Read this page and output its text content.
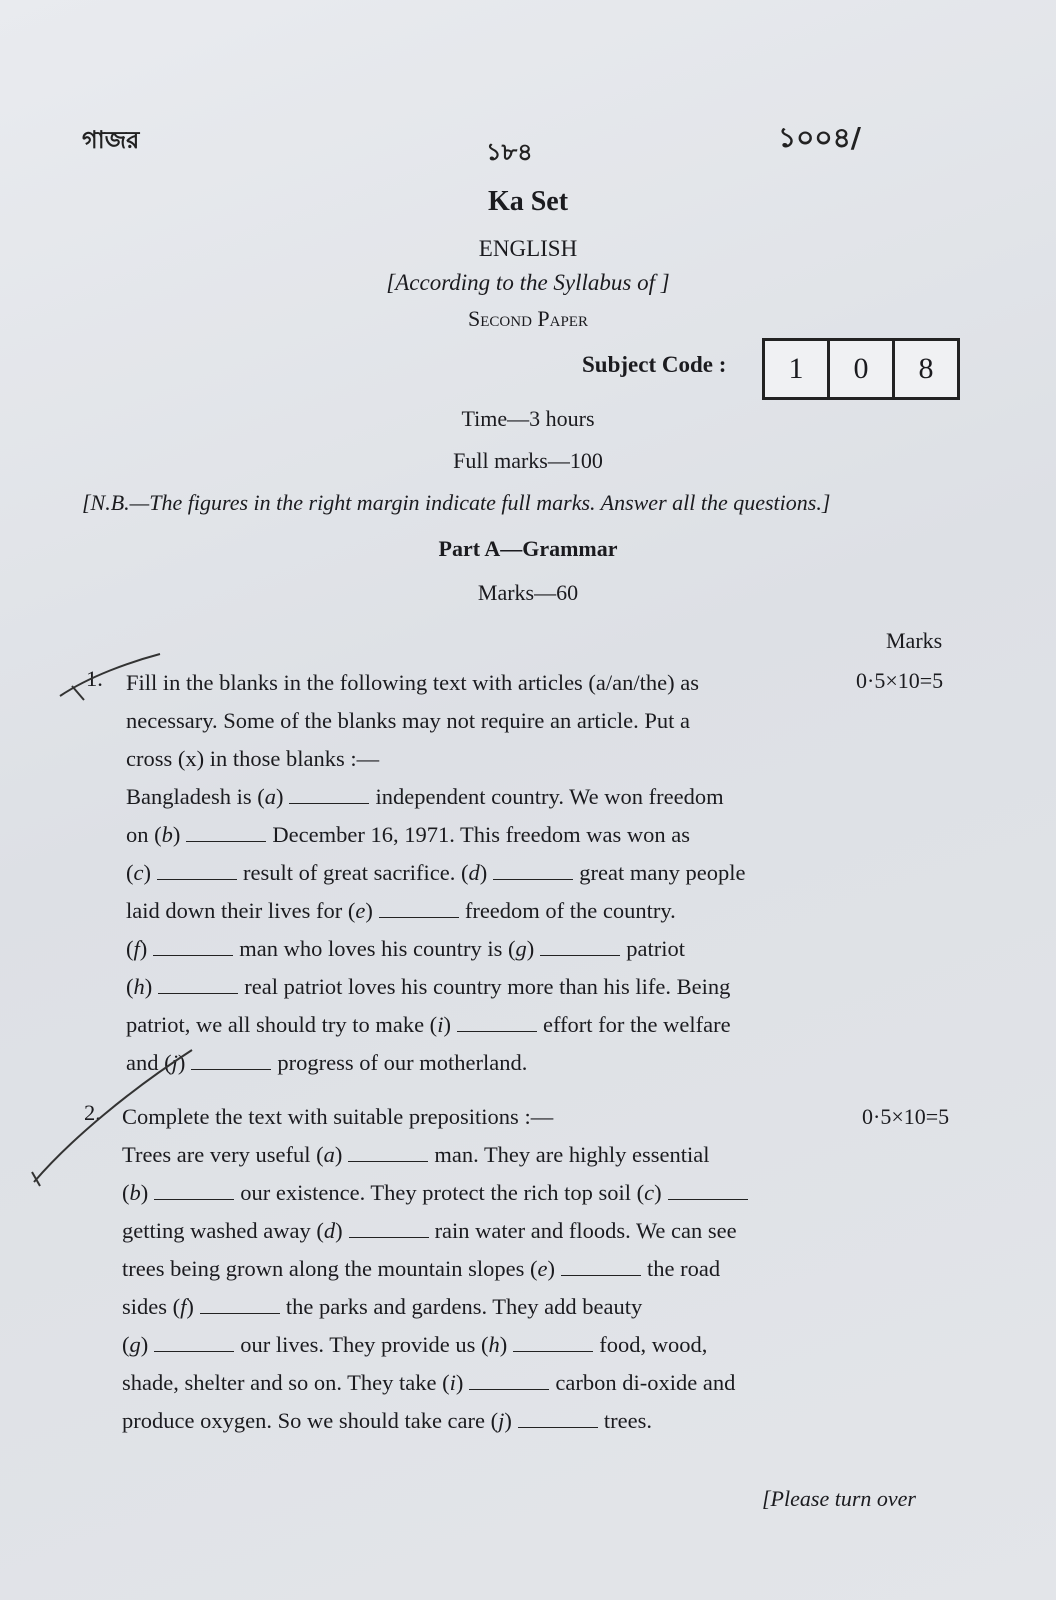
গাজর	১৮৪	১০০৪/
Ka Set
ENGLISH
[According to the Syllabus of ]
Second Paper
Subject Code :	1	0	8
Time—3 hours
Full marks—100
[N.B.—The figures in the right margin indicate full marks. Answer all the questions.]
Part A—Grammar
Marks—60
Marks
1.	0·5×10=5
Fill in the blanks in the following text with articles (a/an/the) as
necessary. Some of the blanks may not require an article. Put a
cross (x) in those blanks :—
Bangladesh is (a)	independent country. We won freedom
on (b)	December 16, 1971. This freedom was won as
(c)	result of great sacrifice. (d)	great many people
laid down their lives for (e)	freedom of the country.
(f)	man who loves his country is (g)	patriot
(h)	real patriot loves his country more than his life. Being
patriot, we all should try to make (i)	effort for the welfare
and (j)	progress of our motherland.
2.	0·5×10=5
Complete the text with suitable prepositions :—
Trees are very useful (a)	man. They are highly essential
(b)	our existence. They protect the rich top soil (c)
getting washed away (d)	rain water and floods. We can see
trees being grown along the mountain slopes (e)	the road
sides (f)	the parks and gardens. They add beauty
(g)	our lives. They provide us (h)	food, wood,
shade, shelter and so on. They take (i)	carbon di-oxide and
produce oxygen. So we should take care (j)	trees.
[Please turn over
